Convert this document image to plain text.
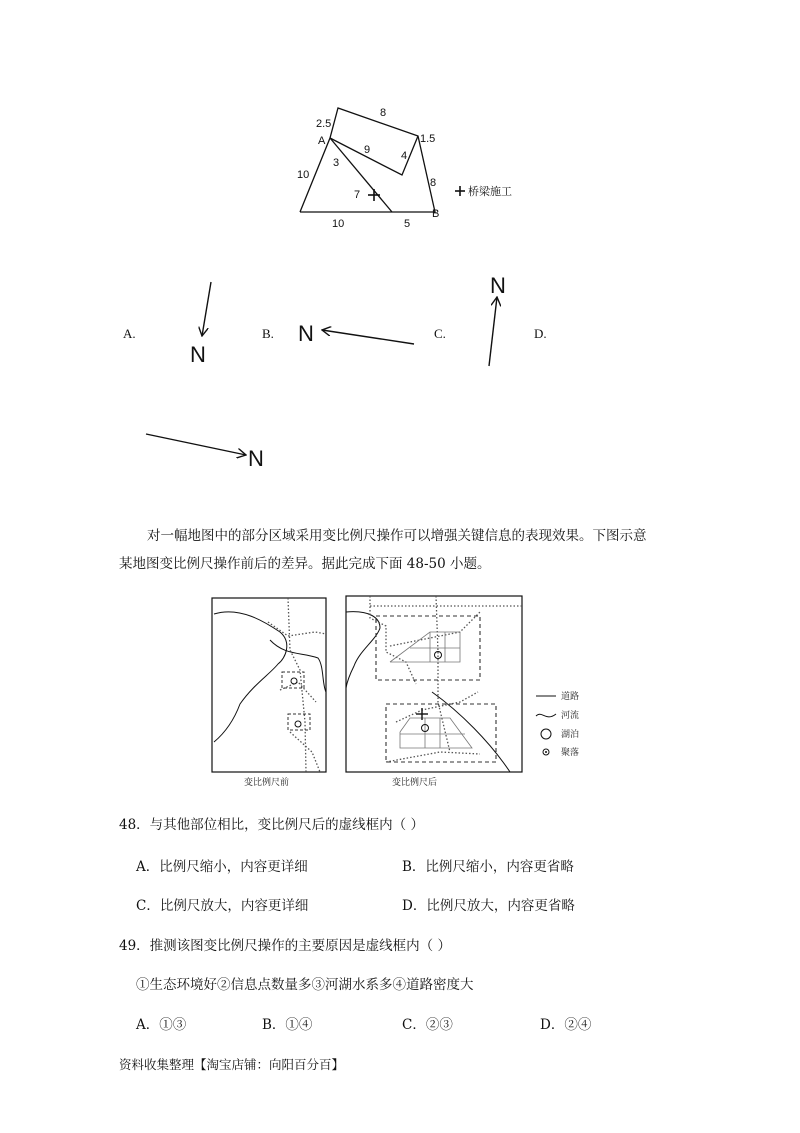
2.5
8
1.5
10
3
9	4
8
7
10	5
A
B
桥梁施工
A.	B.	C.	D.
N
N
N
N
对一幅地图中的部分区域采用变比例尺操作可以增强关键信息的表现效果。下图示意
某地图变比例尺操作前后的差异。据此完成下面 48-50 小题。
道路
河流
湖泊
聚落
变比例尺前	变比例尺后
48．与其他部位相比，变比例尺后的虚线框内（ ）
A．比例尺缩小，内容更详细	B．比例尺缩小，内容更省略
C．比例尺放大，内容更详细	D．比例尺放大，内容更省略
49．推测该图变比例尺操作的主要原因是虚线框内（ ）
①生态环境好②信息点数量多③河湖水系多④道路密度大
A．①③	B．①④	C．②③	D．②④
资料收集整理【淘宝店铺：向阳百分百】
